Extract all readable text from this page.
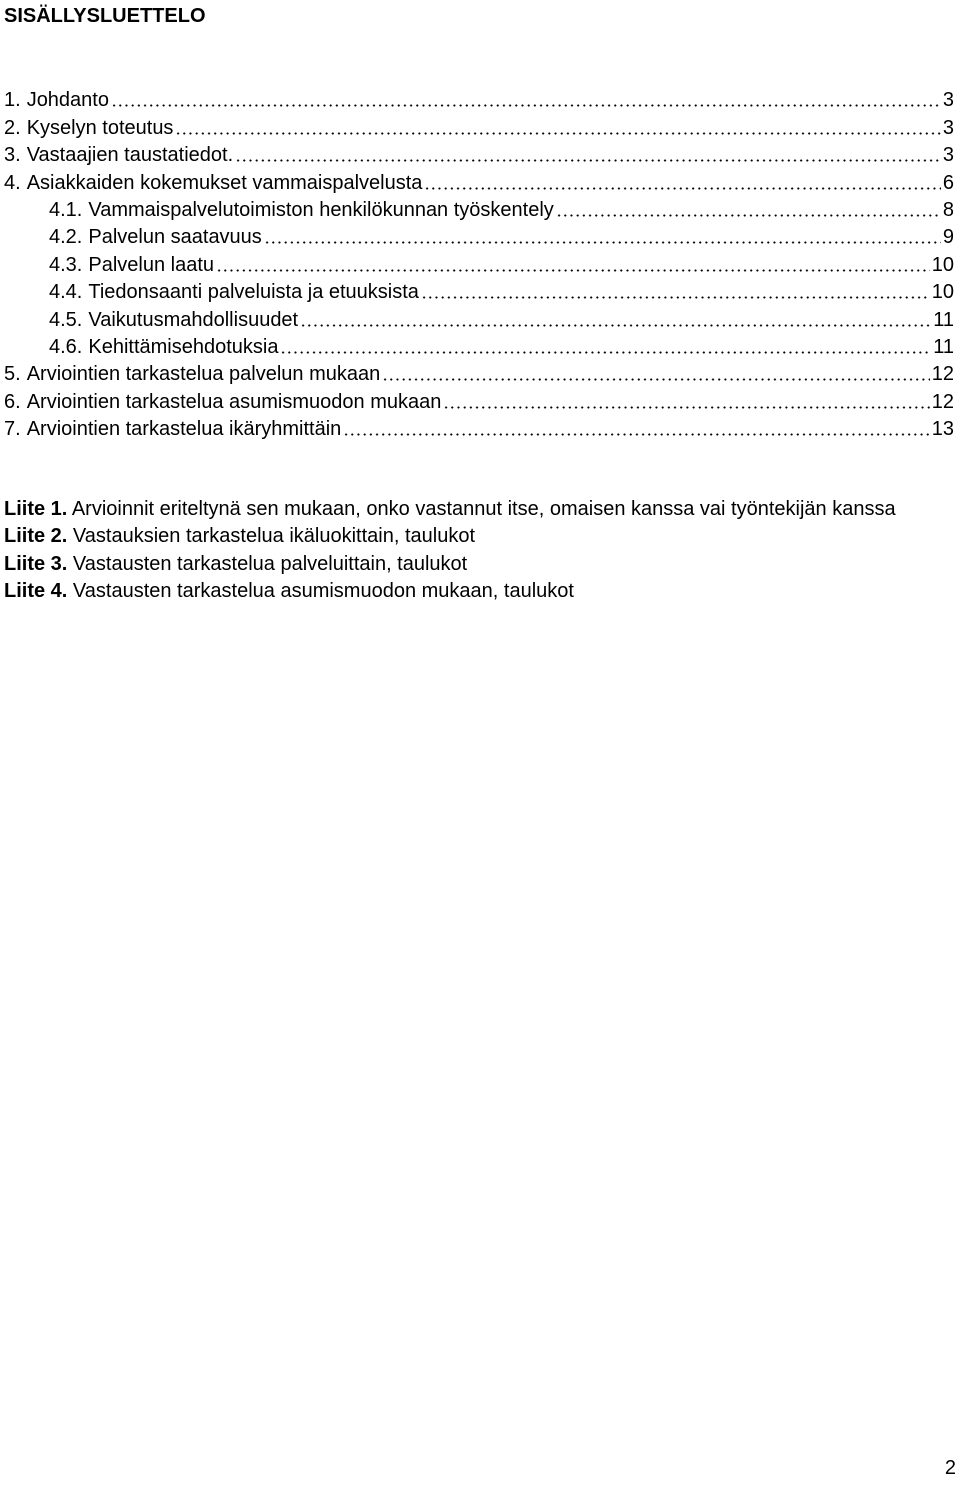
SISÄLLYSLUETTELO
1. Johdanto	3
2. Kyselyn toteutus	3
3. Vastaajien taustatiedot.	3
4. Asiakkaiden kokemukset vammaispalvelusta	6
4.1. Vammaispalvelutoimiston henkilökunnan työskentely	8
4.2. Palvelun saatavuus	9
4.3. Palvelun laatu	10
4.4. Tiedonsaanti palveluista ja etuuksista	10
4.5. Vaikutusmahdollisuudet	11
4.6. Kehittämisehdotuksia	11
5. Arviointien tarkastelua palvelun mukaan	12
6. Arviointien tarkastelua asumismuodon mukaan	12
7. Arviointien tarkastelua ikäryhmittäin	13

Liite 1. Arvioinnit eriteltynä sen mukaan, onko vastannut itse, omaisen kanssa vai työntekijän kanssa

Liite 2. Vastauksien tarkastelua ikäluokittain, taulukot

Liite 3. Vastausten tarkastelua palveluittain, taulukot

Liite 4. Vastausten tarkastelua asumismuodon mukaan, taulukot

2
